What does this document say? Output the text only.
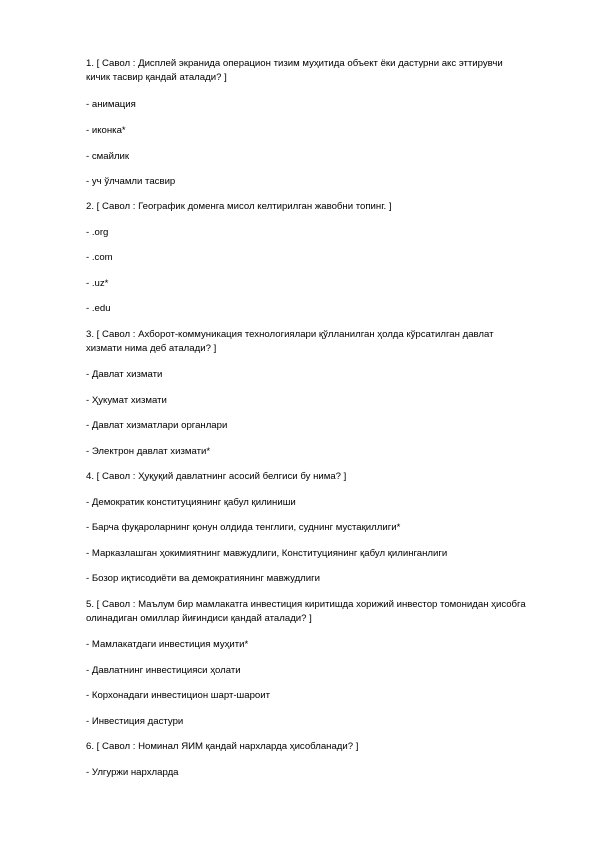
1. [ Савол : Дисплей экранида операцион тизим муҳитида объект ёки дастурни акс эттирувчи
кичик тасвир қандай аталади? ]
- анимация
- иконка*
- смайлик
- уч ўлчамли тасвир
2. [ Савол : Географик доменга мисол келтирилган жавобни топинг. ]
- .org
- .com
- .uz*
- .edu
3. [ Савол : Ахборот-коммуникация технологиялари қўлланилган ҳолда кўрсатилган давлат
хизмати нима деб аталади? ]
- Давлат хизмати
- Ҳукумат хизмати
- Давлат хизматлари органлари
- Электрон давлат хизмати*
4. [ Савол : Ҳуқуқий давлатнинг асосий белгиси бу нима? ]
- Демократик конституциянинг қабул қилиниши
- Барча фуқароларнинг қонун олдида тенглиги, суднинг мустақиллиги*
- Марказлашган ҳокимиятнинг мавжудлиги, Конституциянинг қабул қилинганлиги
- Бозор иқтисодиёти ва демократиянинг мавжудлиги
5. [ Савол : Маълум бир мамлакатга инвестиция киритишда хорижий инвестор томонидан ҳисобга
олинадиган омиллар йиғиндиси қандай аталади? ]
- Мамлакатдаги инвестиция муҳити*
- Давлатнинг инвестицияси ҳолати
- Корхонадаги инвестицион шарт-шароит
- Инвестиция дастури
6. [ Савол : Номинал ЯИМ қандай нархларда ҳисобланади? ]
- Улгуржи нархларда
